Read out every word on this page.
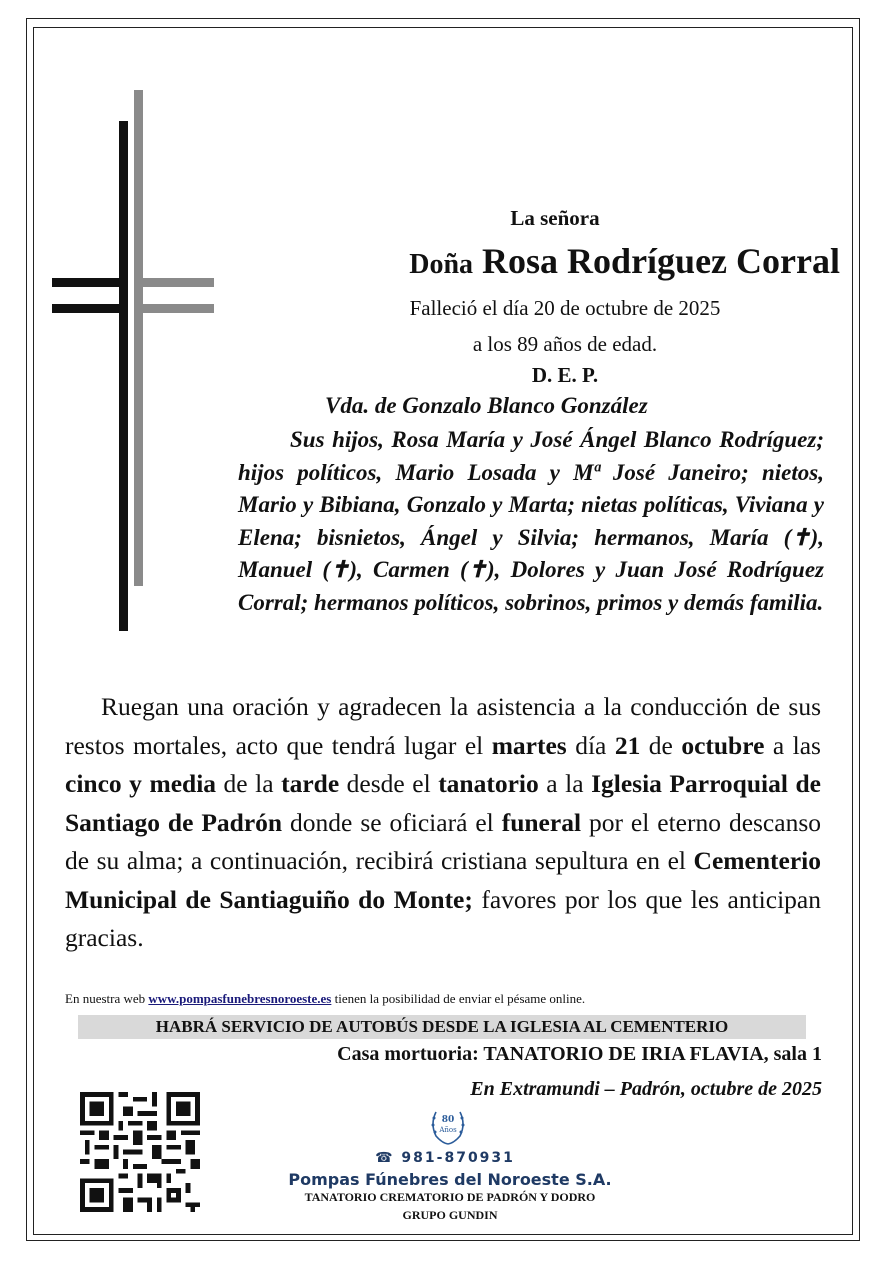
La señora

Doña Rosa Rodríguez Corral

Falleció el día 20 de octubre de 2025

a los 89 años de edad.

D. E. P.

Vda. de Gonzalo Blanco González

Sus hijos, Rosa María y José Ángel Blanco Rodríguez; hijos políticos, Mario Losada y Mª José Janeiro; nietos, Mario y Bibiana, Gonzalo y Marta; nietas políticas, Viviana y Elena; bisnietos, Ángel y Silvia; hermanos, María (✝), Manuel (✝), Carmen (✝), Dolores y Juan José Rodríguez Corral; hermanos políticos, sobrinos, primos y demás familia.

Ruegan una oración y agradecen la asistencia a la conducción de sus restos mortales, acto que tendrá lugar el martes día 21 de octubre a las cinco y media de la tarde desde el tanatorio a la Iglesia Parroquial de Santiago de Padrón donde se oficiará el funeral por el eterno descanso de su alma; a continuación, recibirá cristiana sepultura en el Cementerio Municipal de Santiaguiño do Monte; favores por los que les anticipan gracias.

En nuestra web www.pompasfunebresnoroeste.es tienen la posibilidad de enviar el pésame online.

HABRÁ SERVICIO DE AUTOBÚS DESDE LA IGLESIA AL CEMENTERIO

Casa mortuoria: TANATORIO DE IRIA FLAVIA, sala 1

En Extramundi – Padrón, octubre de 2025

80
Años

☎ 981-870931

Pompas Fúnebres del Noroeste S.A.

TANATORIO CREMATORIO DE PADRÓN Y DODRO

GRUPO GUNDIN
